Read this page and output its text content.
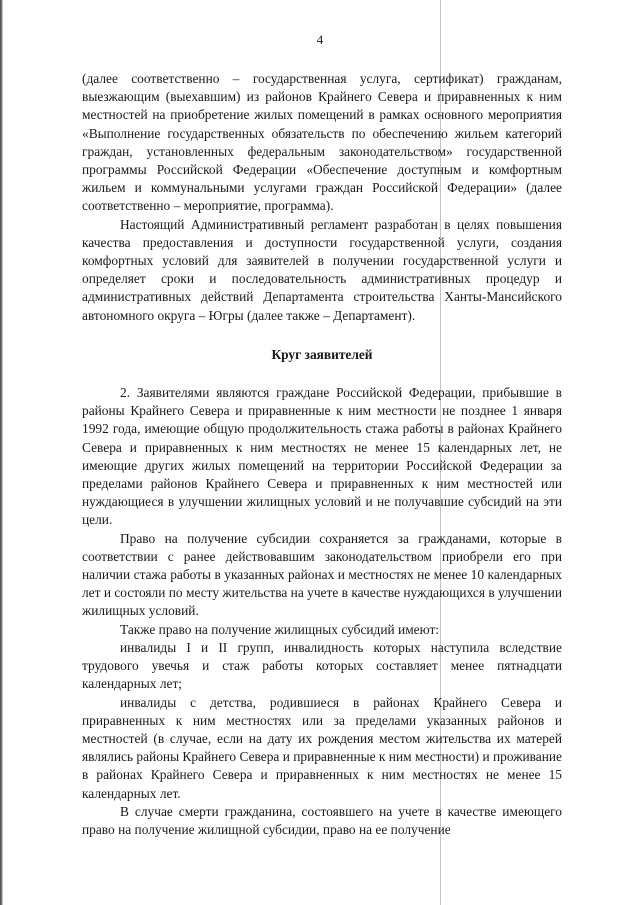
4

(далее соответственно – государственная услуга, сертификат) гражданам, выезжающим (выехавшим) из районов Крайнего Севера и приравненных к ним местностей на приобретение жилых помещений в рамках основного мероприятия «Выполнение государственных обязательств по обеспечению жильем категорий граждан, установленных федеральным законодательством» государственной программы Российской Федерации «Обеспечение доступным и комфортным жильем и коммунальными услугами граждан Российской Федерации» (далее соответственно – мероприятие, программа).

Настоящий Административный регламент разработан в целях повышения качества предоставления и доступности государственной услуги, создания комфортных условий для заявителей в получении государственной услуги и определяет сроки и последовательность административных процедур и административных действий Департамента строительства Ханты-Мансийского автономного округа – Югры (далее также – Департамент).

Круг заявителей

2. Заявителями являются граждане Российской Федерации, прибывшие в районы Крайнего Севера и приравненные к ним местности не позднее 1 января 1992 года, имеющие общую продолжительность стажа работы в районах Крайнего Севера и приравненных к ним местностях не менее 15 календарных лет, не имеющие других жилых помещений на территории Российской Федерации за пределами районов Крайнего Севера и приравненных к ним местностей или нуждающиеся в улучшении жилищных условий и не получавшие субсидий на эти цели.

Право на получение субсидии сохраняется за гражданами, которые в соответствии с ранее действовавшим законодательством приобрели его при наличии стажа работы в указанных районах и местностях не менее 10 календарных лет и состояли по месту жительства на учете в качестве нуждающихся в улучшении жилищных условий.

Также право на получение жилищных субсидий имеют:

инвалиды I и II групп, инвалидность которых наступила вследствие трудового увечья и стаж работы которых составляет менее пятнадцати календарных лет;

инвалиды с детства, родившиеся в районах Крайнего Севера и приравненных к ним местностях или за пределами указанных районов и местностей (в случае, если на дату их рождения местом жительства их матерей являлись районы Крайнего Севера и приравненные к ним местности) и проживание в районах Крайнего Севера и приравненных к ним местностях не менее 15 календарных лет.

В случае смерти гражданина, состоявшего на учете в качестве имеющего право на получение жилищной субсидии, право на ее получение
